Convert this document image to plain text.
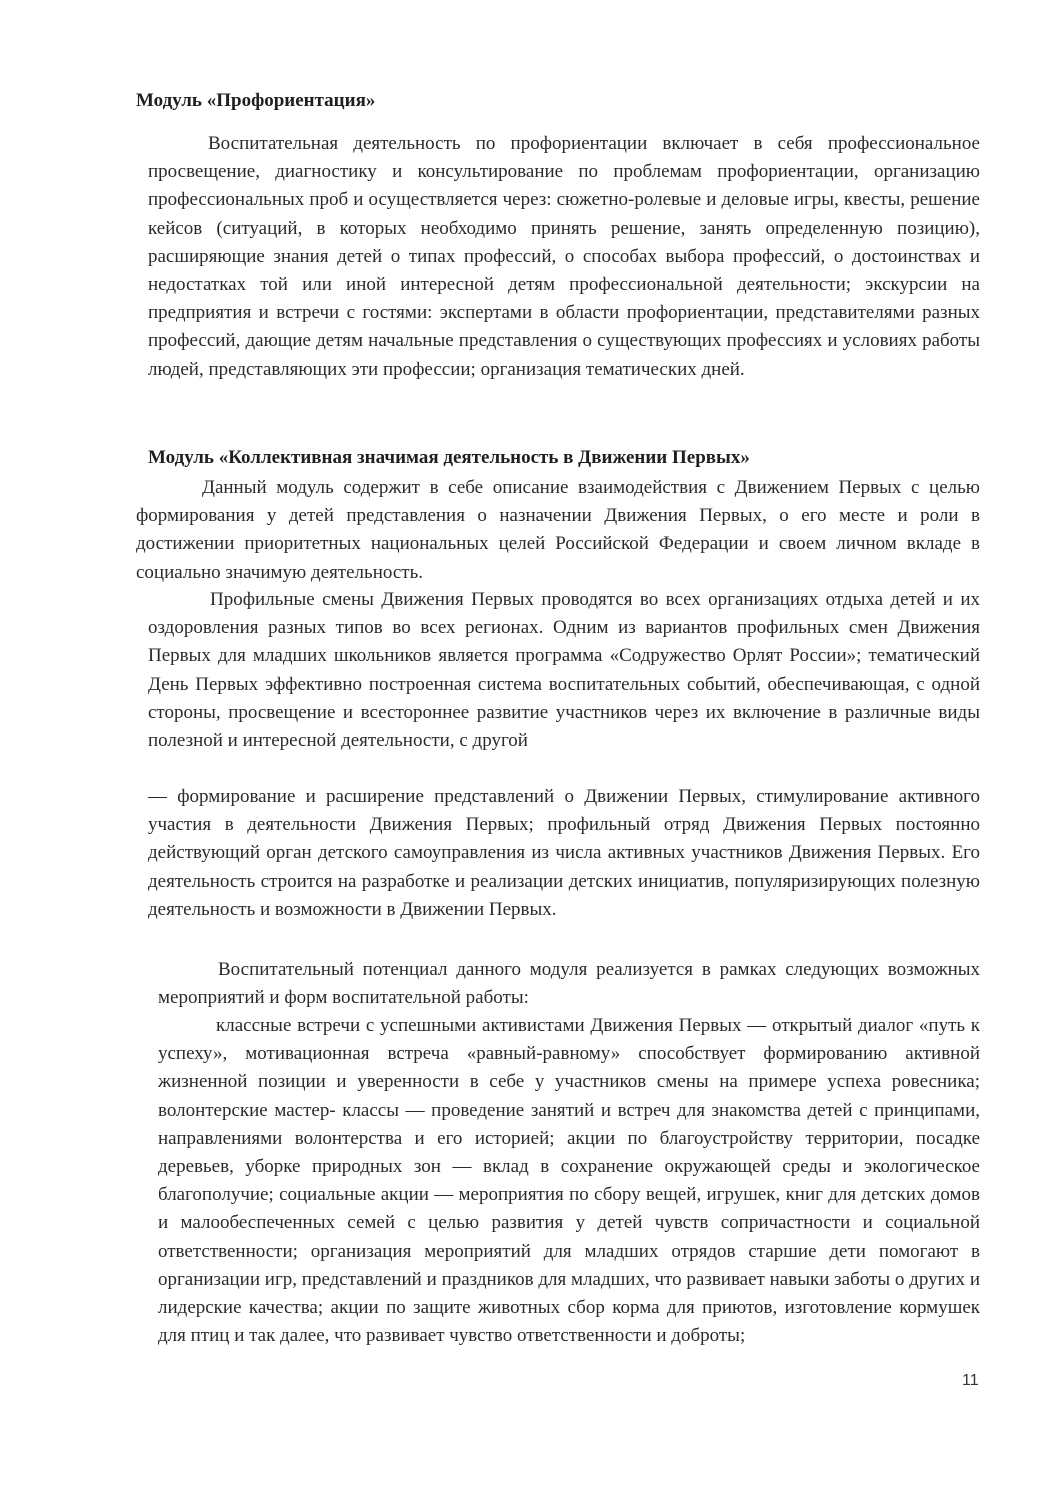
Модуль «Профориентация»

Воспитательная деятельность по профориентации включает в себя профессиональное просвещение, диагностику и консультирование по проблемам профориентации, организацию профессиональных проб и осуществляется через: сюжетно-ролевые и деловые игры, квесты, решение кейсов (ситуаций, в которых необходимо принять решение, занять определенную позицию), расширяющие знания детей о типах профессий, о способах выбора профессий, о достоинствах и недостатках той или иной интересной детям профессиональной деятельности; экскурсии на предприятия и встречи с гостями: экспертами в области профориентации, представителями разных профессий, дающие детям начальные представления о существующих профессиях и условиях работы людей, представляющих эти профессии; организация тематических дней.

Модуль «Коллективная значимая деятельность в Движении Первых»

Данный модуль содержит в себе описание взаимодействия с Движением Первых с целью формирования у детей представления о назначении Движения Первых, о его месте и роли в достижении приоритетных национальных целей Российской Федерации и своем личном вкладе в социально значимую деятельность.

Профильные смены Движения Первых проводятся во всех организациях отдыха детей и их оздоровления разных типов во всех регионах. Одним из вариантов профильных смен Движения Первых для младших школьников является программа «Содружество Орлят России»; тематический День Первых эффективно построенная система воспитательных событий, обеспечивающая, с одной стороны, просвещение и всестороннее развитие участников через их включение в различные виды полезной и интересной деятельности, с другой

— формирование и расширение представлений о Движении Первых, стимулирование активного участия в деятельности Движения Первых; профильный отряд Движения Первых постоянно действующий орган детского самоуправления из числа активных участников Движения Первых. Его деятельность строится на разработке и реализации детских инициатив, популяризирующих полезную деятельность и возможности в Движении Первых.

Воспитательный потенциал данного модуля реализуется в рамках следующих возможных мероприятий и форм воспитательной работы:

классные встречи с успешными активистами Движения Первых — открытый диалог «путь к успеху», мотивационная встреча «равный-равному» способствует формированию активной жизненной позиции и уверенности в себе у участников смены на примере успеха ровесника; волонтерские мастер- классы — проведение занятий и встреч для знакомства детей с принципами, направлениями волонтерства и его историей; акции по благоустройству территории, посадке деревьев, уборке природных зон — вклад в сохранение окружающей среды и экологическое благополучие; социальные акции — мероприятия по сбору вещей, игрушек, книг для детских домов и малообеспеченных семей с целью развития у детей чувств сопричастности и социальной ответственности; организация мероприятий для младших отрядов старшие дети помогают в организации игр, представлений и праздников для младших, что развивает навыки заботы о других и лидерские качества; акции по защите животных сбор корма для приютов, изготовление кормушек для птиц и так далее, что развивает чувство ответственности и доброты;

11
